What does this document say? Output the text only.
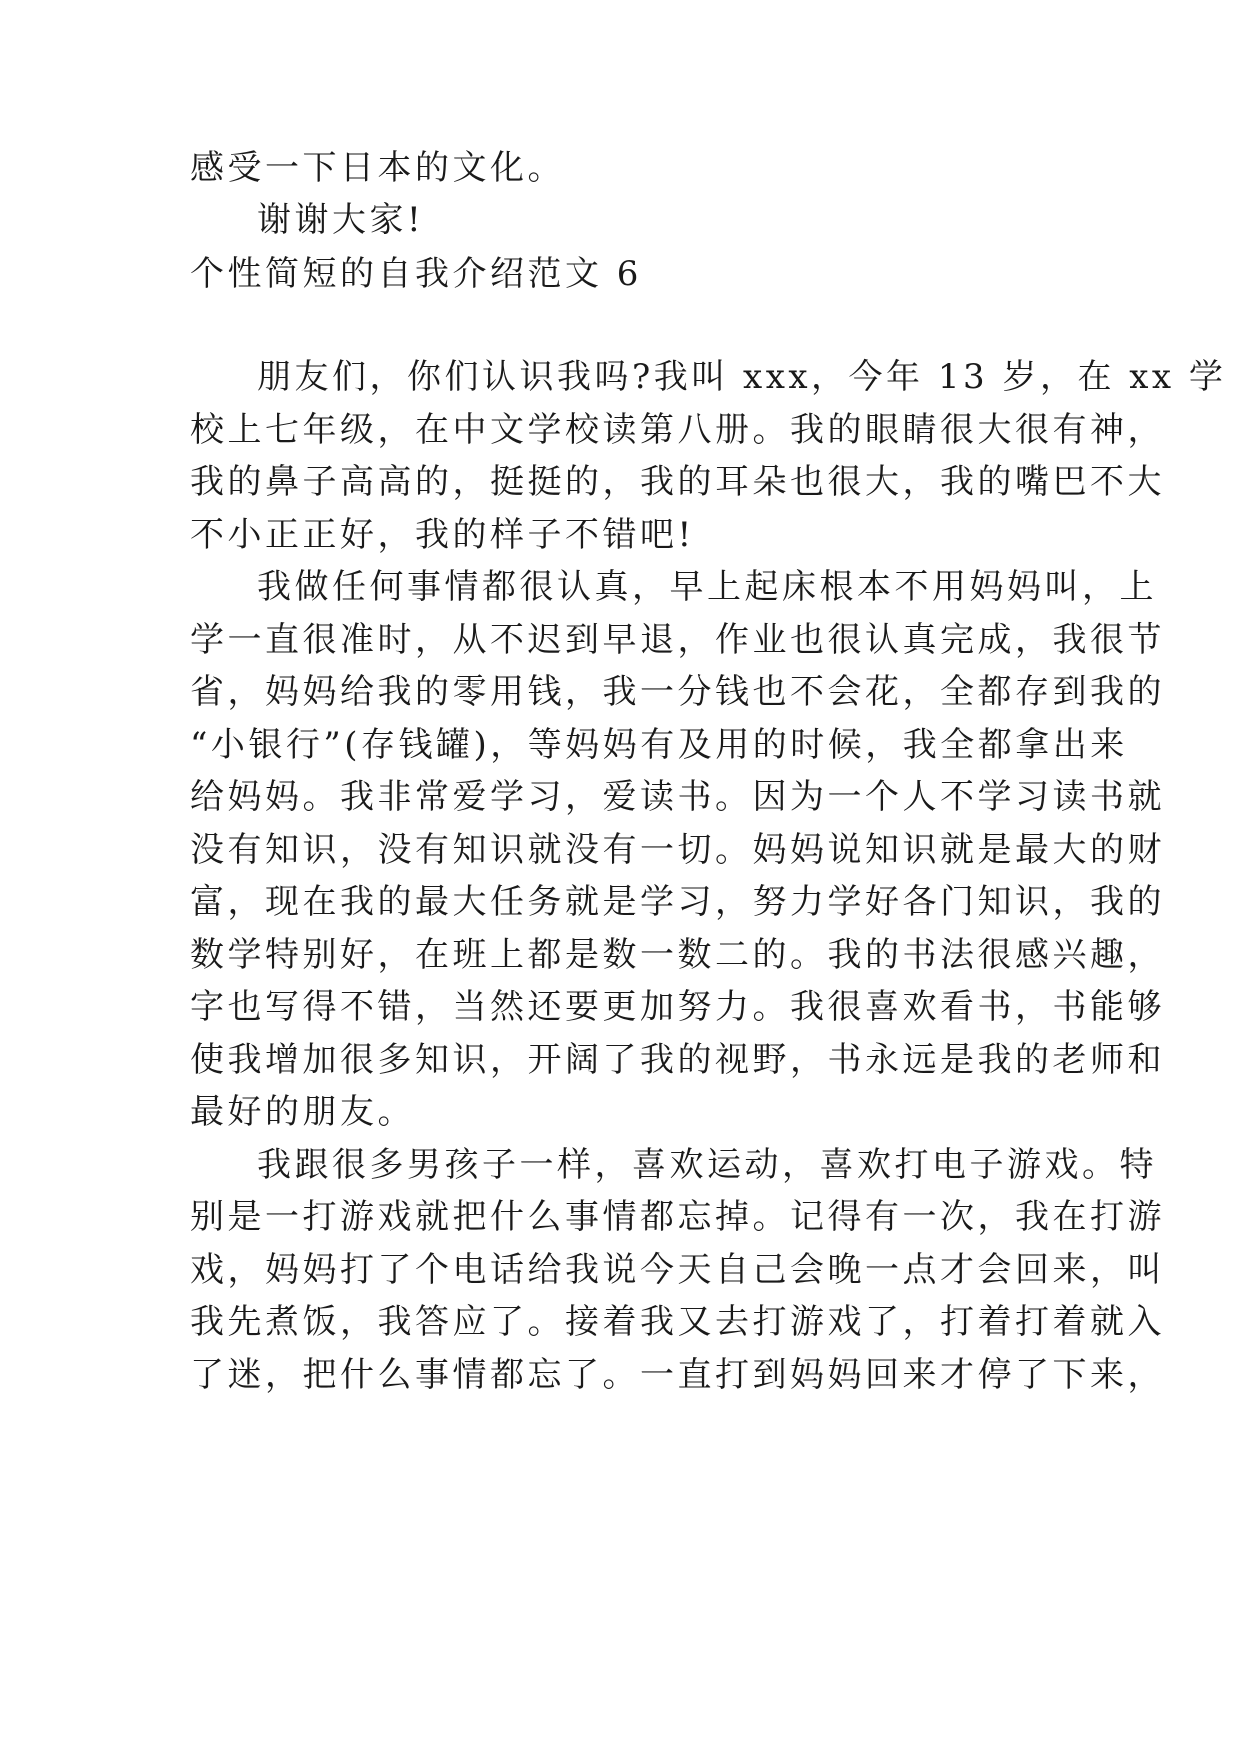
感受一下日本的文化。
谢谢大家!
个性简短的自我介绍范文 6
朋友们，你们认识我吗?我叫 xxx，今年 13 岁，在 xx 学
校上七年级，在中文学校读第八册。我的眼睛很大很有神，
我的鼻子高高的，挺挺的，我的耳朵也很大，我的嘴巴不大
不小正正好，我的样子不错吧!
我做任何事情都很认真，早上起床根本不用妈妈叫，上
学一直很准时，从不迟到早退，作业也很认真完成，我很节
省，妈妈给我的零用钱，我一分钱也不会花，全都存到我的
“小银行”(存钱罐)，等妈妈有及用的时候，我全都拿出来
给妈妈。我非常爱学习，爱读书。因为一个人不学习读书就
没有知识，没有知识就没有一切。妈妈说知识就是最大的财
富，现在我的最大任务就是学习，努力学好各门知识，我的
数学特别好，在班上都是数一数二的。我的书法很感兴趣，
字也写得不错，当然还要更加努力。我很喜欢看书，书能够
使我增加很多知识，开阔了我的视野，书永远是我的老师和
最好的朋友。
我跟很多男孩子一样，喜欢运动，喜欢打电子游戏。特
别是一打游戏就把什么事情都忘掉。记得有一次，我在打游
戏，妈妈打了个电话给我说今天自己会晚一点才会回来，叫
我先煮饭，我答应了。接着我又去打游戏了，打着打着就入
了迷，把什么事情都忘了。一直打到妈妈回来才停了下来，
